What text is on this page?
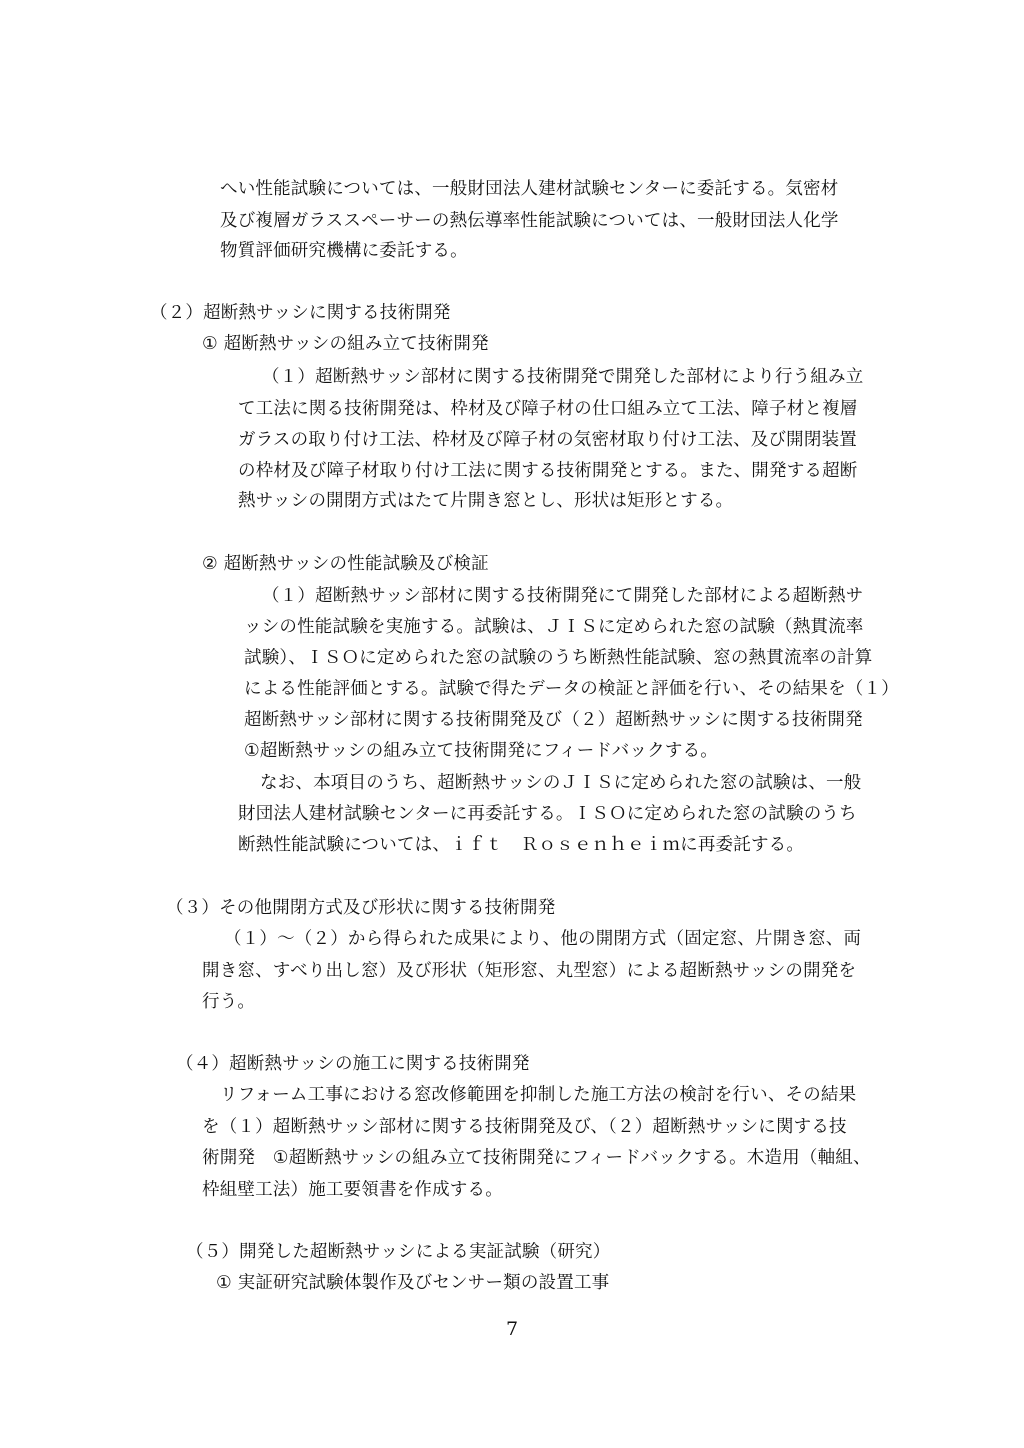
へい性能試験については、一般財団法人建材試験センターに委託する。気密材
及び複層ガラススペーサーの熱伝導率性能試験については、一般財団法人化学
物質評価研究機構に委託する。
（２）超断熱サッシに関する技術開発
① 超断熱サッシの組み立て技術開発
（１）超断熱サッシ部材に関する技術開発で開発した部材により行う組み立
て工法に関る技術開発は、枠材及び障子材の仕口組み立て工法、障子材と複層
ガラスの取り付け工法、枠材及び障子材の気密材取り付け工法、及び開閉装置
の枠材及び障子材取り付け工法に関する技術開発とする。また、開発する超断
熱サッシの開閉方式はたて片開き窓とし、形状は矩形とする。
② 超断熱サッシの性能試験及び検証
（１）超断熱サッシ部材に関する技術開発にて開発した部材による超断熱サ
ッシの性能試験を実施する。試験は、ＪＩＳに定められた窓の試験（熱貫流率
試験）、ＩＳＯに定められた窓の試験のうち断熱性能試験、窓の熱貫流率の計算
による性能評価とする。試験で得たデータの検証と評価を行い、その結果を（１）
超断熱サッシ部材に関する技術開発及び（２）超断熱サッシに関する技術開発
①超断熱サッシの組み立て技術開発にフィードバックする。
なお、本項目のうち、超断熱サッシのＪＩＳに定められた窓の試験は、一般
財団法人建材試験センターに再委託する。ＩＳＯに定められた窓の試験のうち
断熱性能試験については、ｉｆｔ　Ｒｏｓｅｎｈｅｉｍに再委託する。
（３）その他開閉方式及び形状に関する技術開発
（１）～（２）から得られた成果により、他の開閉方式（固定窓、片開き窓、両
開き窓、すべり出し窓）及び形状（矩形窓、丸型窓）による超断熱サッシの開発を
行う。
（４）超断熱サッシの施工に関する技術開発
リフォーム工事における窓改修範囲を抑制した施工方法の検討を行い、その結果
を（１）超断熱サッシ部材に関する技術開発及び、（２）超断熱サッシに関する技
術開発　①超断熱サッシの組み立て技術開発にフィードバックする。木造用（軸組、
枠組壁工法）施工要領書を作成する。
（５）開発した超断熱サッシによる実証試験（研究）
① 実証研究試験体製作及びセンサー類の設置工事
7
